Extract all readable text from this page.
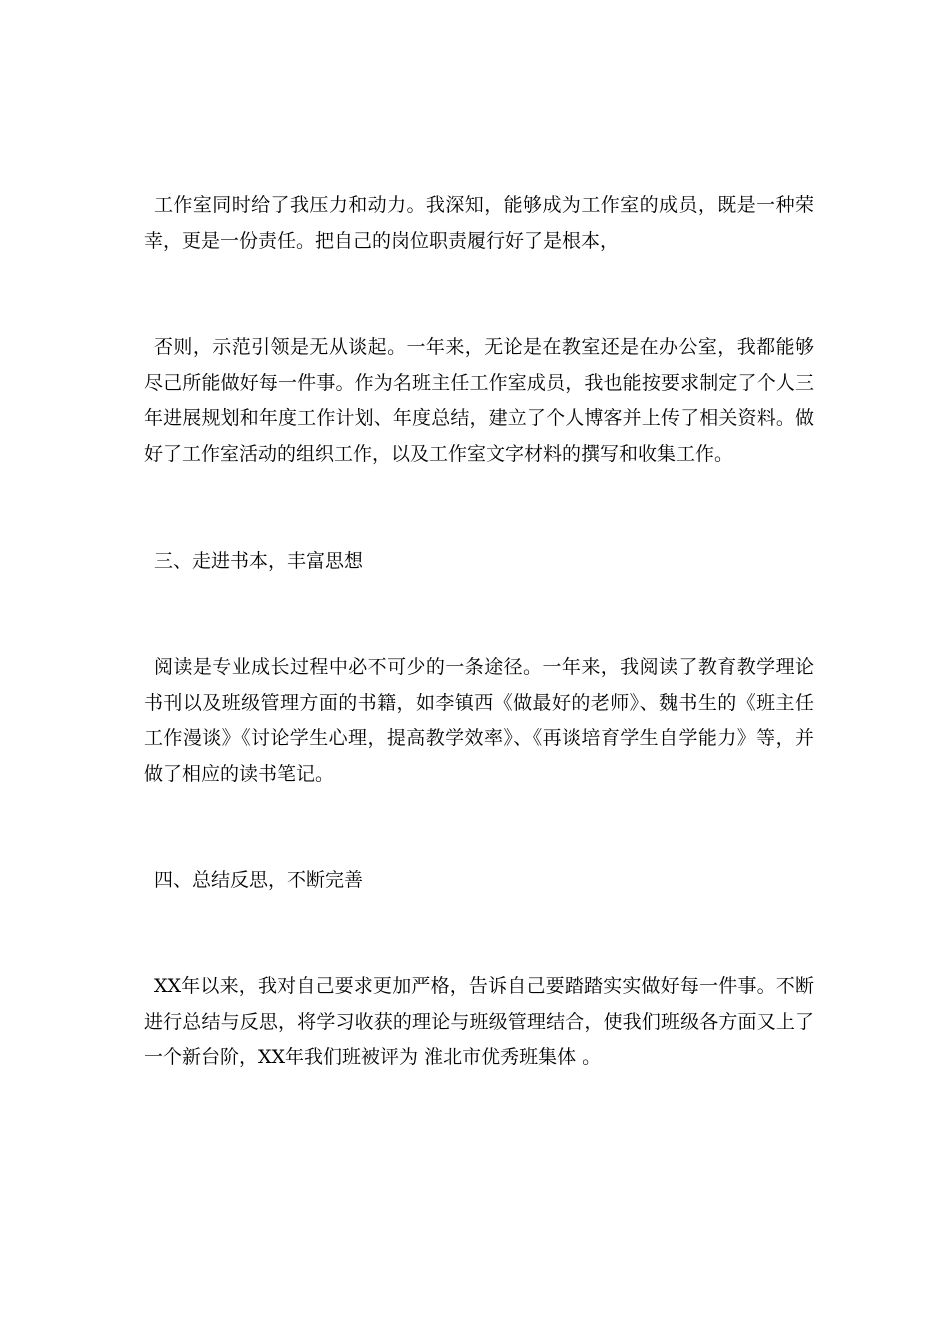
工作室同时给了我压力和动力。我深知，能够成为工作室的成员，既是一种荣幸，更是一份责任。把自己的岗位职责履行好了是根本，
否则，示范引领是无从谈起。一年来，无论是在教室还是在办公室，我都能够尽己所能做好每一件事。作为名班主任工作室成员，我也能按要求制定了个人三年进展规划和年度工作计划、年度总结，建立了个人博客并上传了相关资料。做好了工作室活动的组织工作，以及工作室文字材料的撰写和收集工作。
三、走进书本，丰富思想
阅读是专业成长过程中必不可少的一条途径。一年来，我阅读了教育教学理论书刊以及班级管理方面的书籍，如李镇西《做最好的老师》、魏书生的《班主任工作漫谈》《讨论学生心理，提高教学效率》、《再谈培育学生自学能力》等，并做了相应的读书笔记。
四、总结反思，不断完善
XX年以来，我对自己要求更加严格，告诉自己要踏踏实实做好每一件事。不断进行总结与反思，将学习收获的理论与班级管理结合，使我们班级各方面又上了一个新台阶，XX年我们班被评为 淮北市优秀班集体 。
